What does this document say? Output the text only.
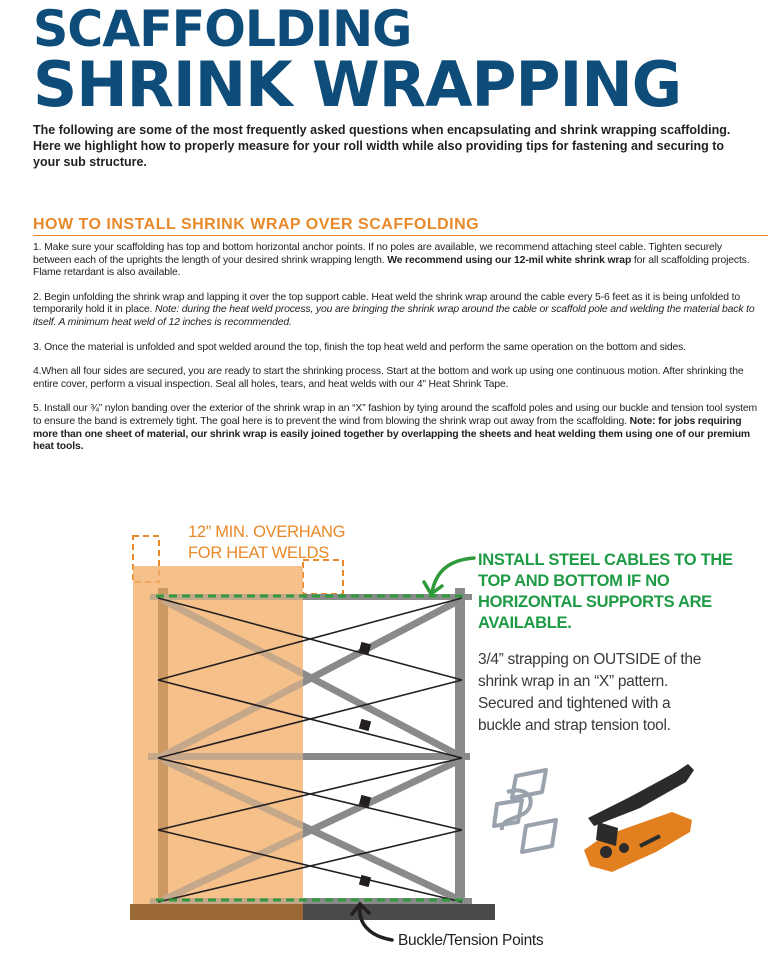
SCAFFOLDING
SHRINK WRAPPING

The following are some of the most frequently asked questions when encapsulating and shrink wrapping scaffolding. Here we highlight how to properly measure for your roll width while also providing tips for fastening and securing to your sub structure.

HOW TO INSTALL SHRINK WRAP OVER SCAFFOLDING

1. Make sure your scaffolding has top and bottom horizontal anchor points. If no poles are available, we recommend attaching steel cable. Tighten securely between each of the uprights the length of your desired shrink wrapping length. We recommend using our 12-mil white shrink wrap for all scaffolding projects. Flame retardant is also available.

2. Begin unfolding the shrink wrap and lapping it over the top support cable. Heat weld the shrink wrap around the cable every 5-6 feet as it is being unfolded to temporarily hold it in place. Note: during the heat weld process, you are bringing the shrink wrap around the cable or scaffold pole and welding the material back to itself. A minimum heat weld of 12 inches is recommended.

3. Once the material is unfolded and spot welded around the top, finish the top heat weld and perform the same operation on the bottom and sides.

4.When all four sides are secured, you are ready to start the shrinking process. Start at the bottom and work up using one continuous motion. After shrinking the entire cover, perform a visual inspection. Seal all holes, tears, and heat welds with our 4” Heat Shrink Tape.

5. Install our ¾” nylon banding over the exterior of the shrink wrap in an “X” fashion by tying around the scaffold poles and using our buckle and tension tool system to ensure the band is extremely tight. The goal here is to prevent the wind from blowing the shrink wrap out away from the scaffolding. Note: for jobs requiring more than one sheet of material, our shrink wrap is easily joined together by overlapping the sheets and heat welding them using one of our premium heat tools.

12” MIN. OVERHANG
FOR HEAT WELDS	INSTALL STEEL CABLES TO THE
TOP AND BOTTOM IF NO
HORIZONTAL SUPPORTS ARE
AVAILABLE.
3/4” strapping on OUTSIDE of the
shrink wrap in an “X” pattern.
Secured and tightened with a
buckle and strap tension tool.
Buckle/Tension Points
